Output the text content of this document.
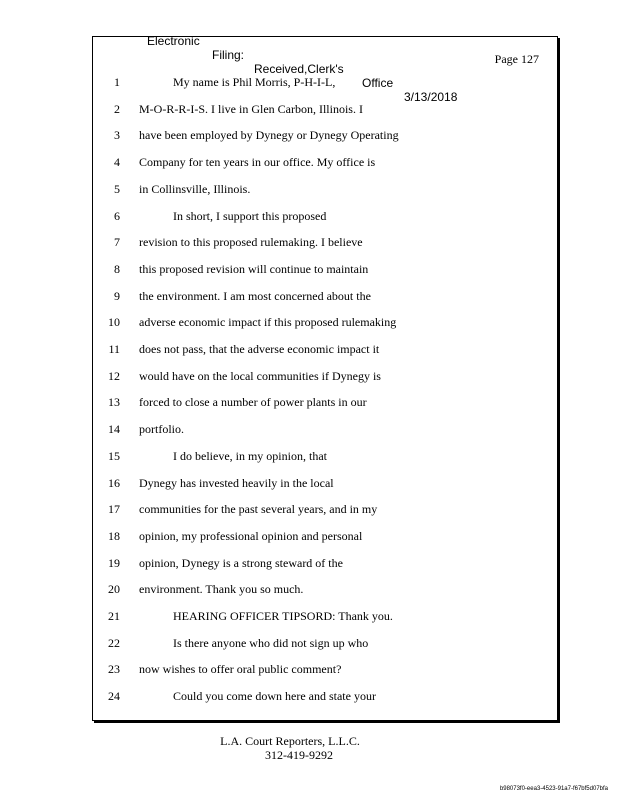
Electronic

Filing:

Received,Clerk's

Office

3/13/2018

Page 127
1	My name is Phil Morris, P-H-I-L,
2 M-O-R-R-I-S. I live in Glen Carbon, Illinois. I
3 have been employed by Dynegy or Dynegy Operating
4 Company for ten years in our office. My office is
5 in Collinsville, Illinois.
6	In short, I support this proposed
7 revision to this proposed rulemaking. I believe
8 this proposed revision will continue to maintain
9 the environment. I am most concerned about the
10 adverse economic impact if this proposed rulemaking
11 does not pass, that the adverse economic impact it
12 would have on the local communities if Dynegy is
13 forced to close a number of power plants in our
14 portfolio.
15	I do believe, in my opinion, that
16 Dynegy has invested heavily in the local
17 communities for the past several years, and in my
18 opinion, my professional opinion and personal
19 opinion, Dynegy is a strong steward of the
20 environment. Thank you so much.
21	HEARING OFFICER TIPSORD: Thank you.
22	Is there anyone who did not sign up who
23 now wishes to offer oral public comment?
24	Could you come down here and state your
L.A. Court Reporters, L.L.C.
312-419-9292
b98073f0-eea3-4523-91a7-f67bf5d07bfa
